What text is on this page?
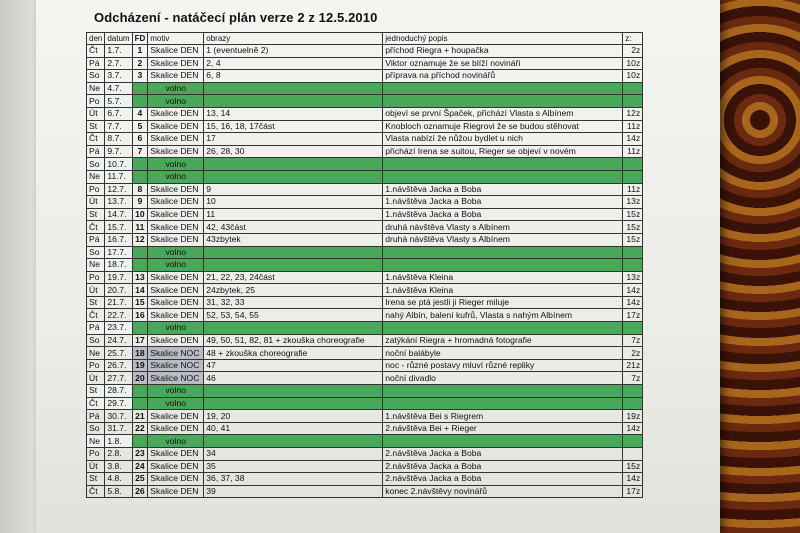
Odcházení - natáčecí plán verze 2 z 12.5.2010
den	datum	FD	motiv	obrazy	jednoduchý popis	z:
Čt	1.7.	1	Skalice DEN	1 (eventuelně 2)	příchod Riegra + houpačka	2z
Pá	2.7.	2	Skalice DEN	2, 4	Viktor oznamuje že se blíží novináři	10z
So	3.7.	3	Skalice DEN	6, 8	příprava na příchod novinářů	10z
Ne	4.7.		volno			
Po	5.7.		volno			
Út	6.7.	4	Skalice DEN	13, 14	objeví se první Špaček, přichází Vlasta s Albínem	12z
St	7.7.	5	Skalice DEN	15, 16, 18, 17část	Knobloch oznamuje Riegrovi že se budou stěhovat	11z
Čt	8.7.	6	Skalice DEN	17	Vlasta nabízí že nůžou bydlet u nich	14z
Pá	9.7.	7	Skalice DEN	26, 28, 30	přichází Irena se suitou, Rieger se objeví v novém	11z
So	10.7.		volno			
Ne	11.7.		volno			
Po	12.7.	8	Skalice DEN	9	1.návštěva Jacka a Boba	11z
Út	13.7.	9	Skalice DEN	10	1.návštěva Jacka a Boba	13z
St	14.7.	10	Skalice DEN	11	1.návštěva Jacka a Boba	15z
Čt	15.7.	11	Skalice DEN	42, 43část	druhá návštěva Vlasty s Albínem	15z
Pá	16.7.	12	Skalice DEN	43zbytek	druhá návštěva Vlasty s Albínem	15z
So	17.7.		volno			
Ne	18.7.		volno			
Po	19.7.	13	Skalice DEN	21, 22, 23, 24část	1.návštěva Kleina	13z
Út	20.7.	14	Skalice DEN	24zbytek, 25	1.návštěva Kleina	14z
St	21.7.	15	Skalice DEN	31, 32, 33	Irena se ptá jestli ji Rieger miluje	14z
Čt	22.7.	16	Skalice DEN	52, 53, 54, 55	nahý Albín, balení kufrů, Vlasta s nahým Albínem	17z
Pá	23.7.		volno			
So	24.7.	17	Skalice DEN	49, 50, 51, 82, 81 + zkouška choreografie	zatýkání Riegra + hromadná fotografie	7z
Ne	25.7.	18	Skalice NOC	48 + zkouška choreografie	noční balábyle	2z
Po	26.7.	19	Skalice NOC	47	noc - různé postavy mluví různé repliky	21z
Út	27.7.	20	Skalice NOC	46	noční divadlo	7z
St	28.7.		volno			
Čt	29.7.		volno			
Pá	30.7.	21	Skalice DEN	19, 20	1.návštěva Bei s Riegrem	19z
So	31.7.	22	Skalice DEN	40, 41	2.návštěva Bei + Rieger	14z
Ne	1.8.		volno			
Po	2.8.	23	Skalice DEN	34	2.návštěva Jacka a Boba	
Út	3.8.	24	Skalice DEN	35	2.návštěva Jacka a Boba	15z
St	4.8.	25	Skalice DEN	36, 37, 38	2.návštěva Jacka a Boba	14z
Čt	5.8.	26	Skalice DEN	39	konec 2.návštěvy novinářů	17z
